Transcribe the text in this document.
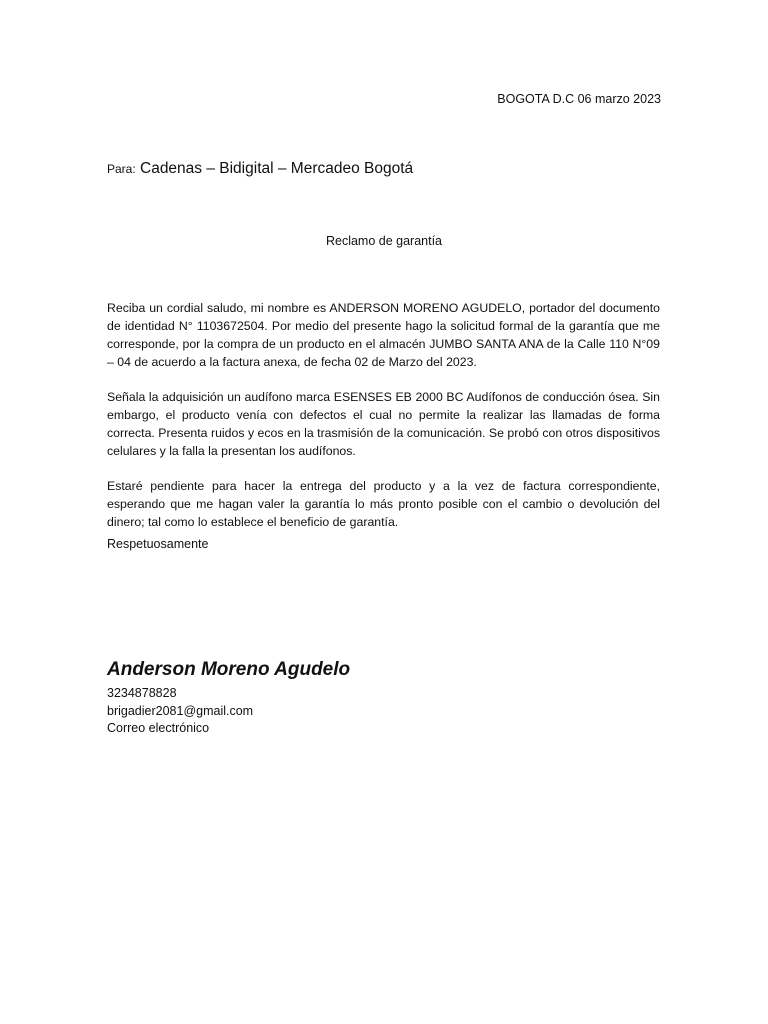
BOGOTA D.C 06 marzo 2023
Para: Cadenas – Bidigital – Mercadeo Bogotá
Reclamo de garantía

Reciba un cordial saludo, mi nombre es ANDERSON MORENO AGUDELO, portador del documento de identidad N° 1103672504. Por medio del presente hago la solicitud formal de la garantía que me corresponde, por la compra de un producto en el almacén JUMBO SANTA ANA de la Calle 110 N°09 – 04 de acuerdo a la factura anexa, de fecha 02 de Marzo del 2023.

Señala la adquisición un audífono marca ESENSES EB 2000 BC Audífonos de conducción ósea. Sin embargo, el producto venía con defectos el cual no permite la realizar las llamadas de forma correcta. Presenta ruidos y ecos en la trasmisión de la comunicación. Se probó con otros dispositivos celulares y la falla la presentan los audífonos.

Estaré pendiente para hacer la entrega del producto y a la vez de factura correspondiente, esperando que me hagan valer la garantía lo más pronto posible con el cambio o devolución del dinero; tal como lo establece el beneficio de garantía.

Respetuosamente
Anderson Moreno Agudelo
3234878828
brigadier2081@gmail.com
Correo electrónico
